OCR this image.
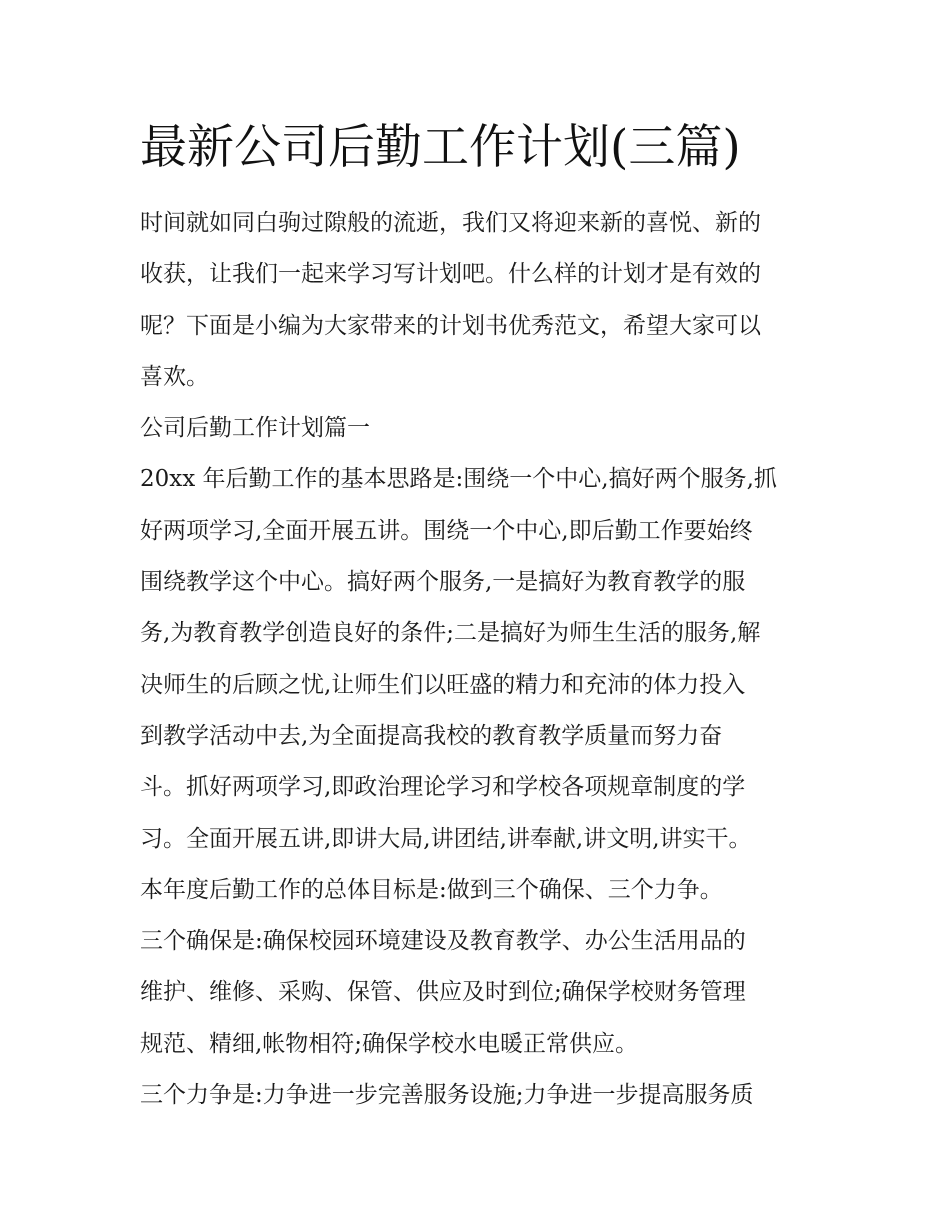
最新公司后勤工作计划(三篇)

时间就如同白驹过隙般的流逝，我们又将迎来新的喜悦、新的
收获，让我们一起来学习写计划吧。什么样的计划才是有效的
呢？下面是小编为大家带来的计划书优秀范文，希望大家可以
喜欢。

公司后勤工作计划篇一

20xx 年后勤工作的基本思路是:围绕一个中心,搞好两个服务,抓
好两项学习,全面开展五讲。围绕一个中心,即后勤工作要始终
围绕教学这个中心。搞好两个服务,一是搞好为教育教学的服
务,为教育教学创造良好的条件;二是搞好为师生生活的服务,解
决师生的后顾之忧,让师生们以旺盛的精力和充沛的体力投入
到教学活动中去,为全面提高我校的教育教学质量而努力奋
斗。抓好两项学习,即政治理论学习和学校各项规章制度的学
习。全面开展五讲,即讲大局,讲团结,讲奉献,讲文明,讲实干。

本年度后勤工作的总体目标是:做到三个确保、三个力争。

三个确保是:确保校园环境建设及教育教学、办公生活用品的
维护、维修、采购、保管、供应及时到位;确保学校财务管理
规范、精细,帐物相符;确保学校水电暖正常供应。

三个力争是:力争进一步完善服务设施;力争进一步提高服务质
